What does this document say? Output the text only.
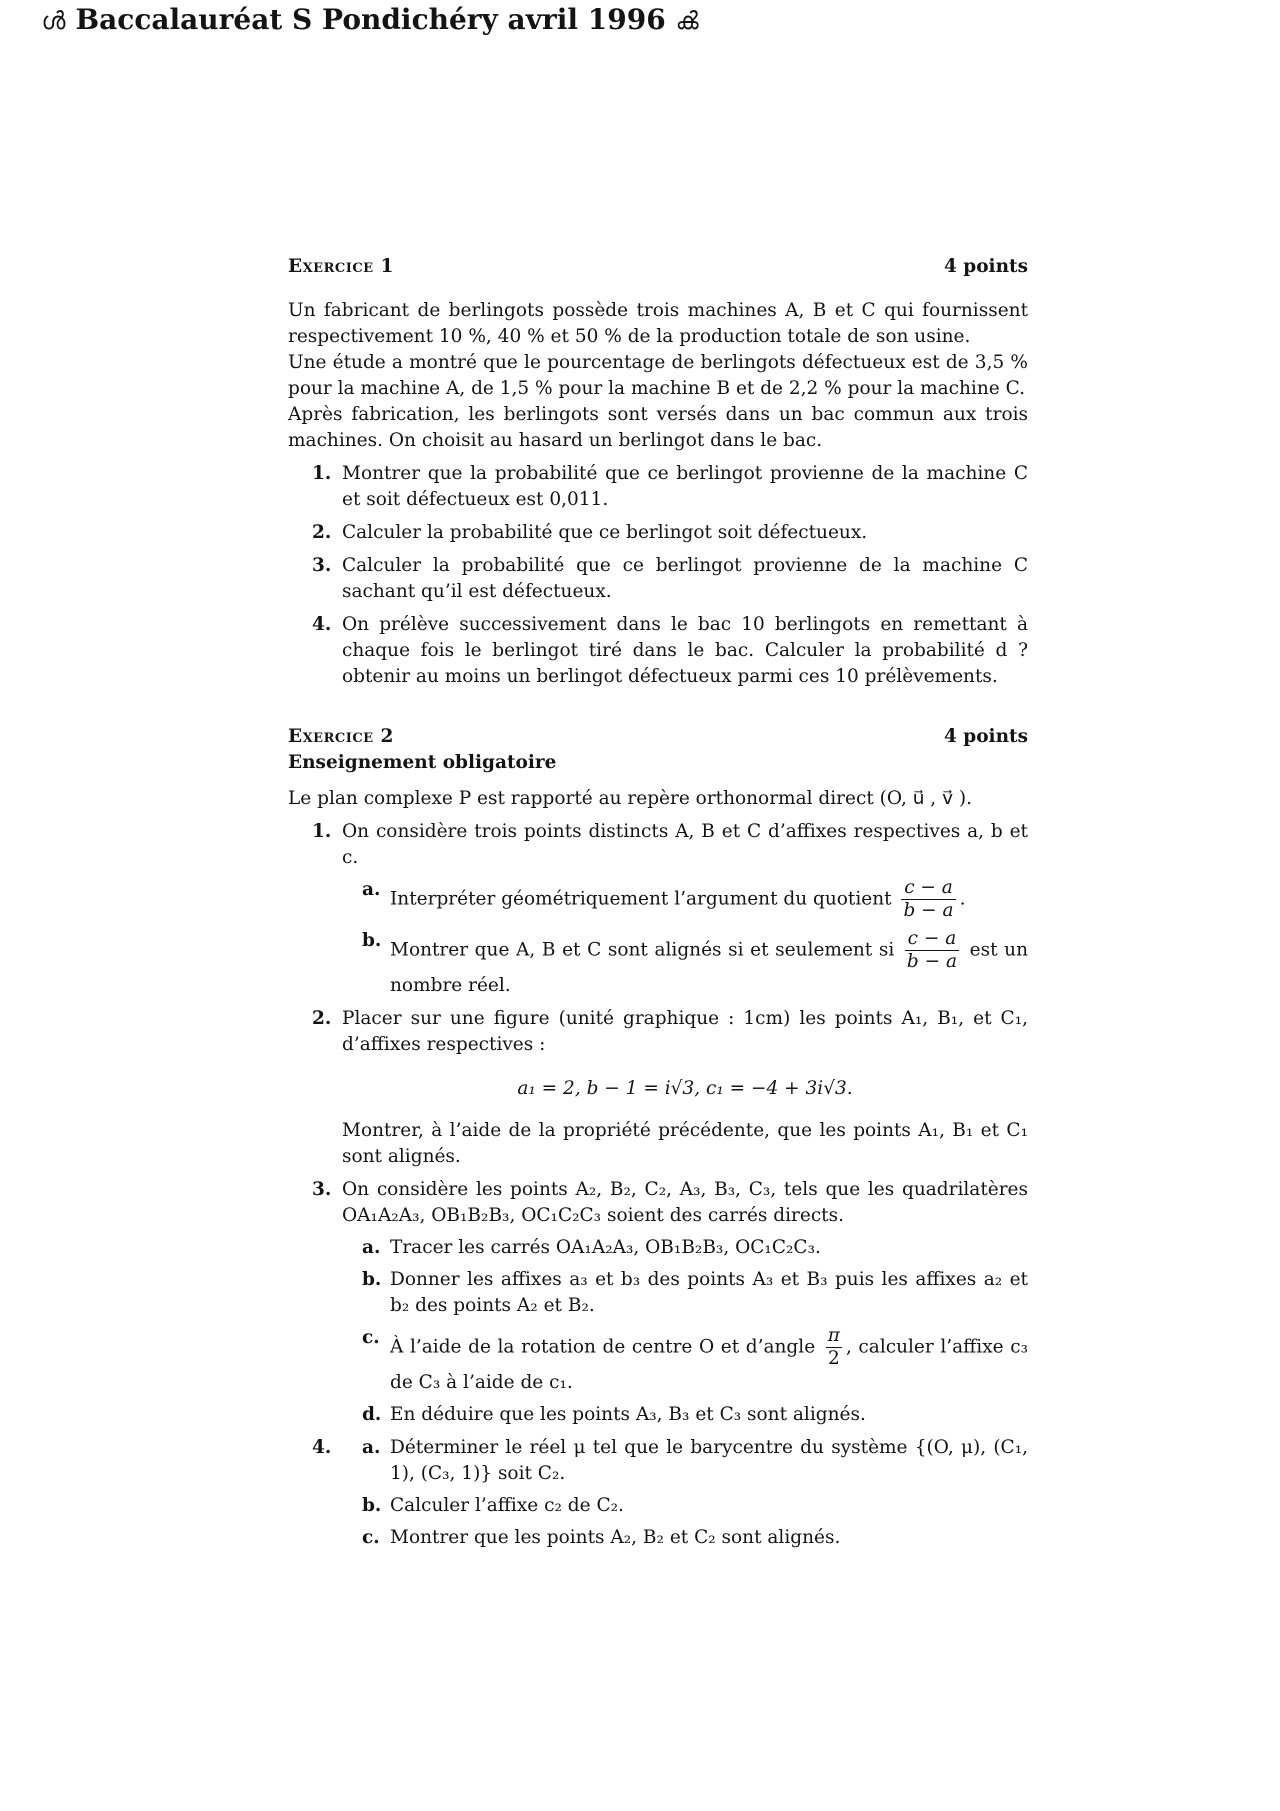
ൾ Baccalauréat S Pondichéry avril 1996 ൿ
Exercice 1	4 points

Un fabricant de berlingots possède trois machines A, B et C qui fournissent respectivement 10 %, 40 % et 50 % de la production totale de son usine.

Une étude a montré que le pourcentage de berlingots défectueux est de 3,5 % pour la machine A, de 1,5 % pour la machine B et de 2,2 % pour la machine C.

Après fabrication, les berlingots sont versés dans un bac commun aux trois machines. On choisit au hasard un berlingot dans le bac.

1. Montrer que la probabilité que ce berlingot provienne de la machine C et soit défectueux est 0,011.
2. Calculer la probabilité que ce berlingot soit défectueux.
3. Calculer la probabilité que ce berlingot provienne de la machine C sachant qu’il est défectueux.
4. On prélève successivement dans le bac 10 berlingots en remettant à chaque fois le berlingot tiré dans le bac. Calculer la probabilité d ?obtenir au moins un berlingot défectueux parmi ces 10 prélèvements.
Exercice 2	4 points
Enseignement obligatoire

Le plan complexe P est rapporté au repère orthonormal direct (O, u⃗ , v⃗ ).

1. On considère trois points distincts A, B et C d’affixes respectives a, b et c.
a. Interpréter géométriquement l’argument du quotient $\frac{c - a}{b - a}$ .
b. Montrer que A, B et C sont alignés si et seulement si $\frac{c - a}{b - a}$ est un nombre réel.
2. Placer sur une figure (unité graphique : 1cm) les points A₁, B₁, et C₁, d’affixes respectives :
a₁ = 2, b − 1 = i√3, c₁ = −4 + 3i√3.

Montrer, à l’aide de la propriété précédente, que les points A₁, B₁ et C₁ sont alignés.

3. On considère les points A₂, B₂, C₂, A₃, B₃, C₃, tels que les quadrilatères OA₁A₂A₃, OB₁B₂B₃, OC₁C₂C₃ soient des carrés directs.
a. Tracer les carrés OA₁A₂A₃, OB₁B₂B₃, OC₁C₂C₃.
b. Donner les affixes a₃ et b₃ des points A₃ et B₃ puis les affixes a₂ et b₂ des points A₂ et B₂.
c. À l’aide de la rotation de centre O et d’angle $\frac{\pi}{2}$ , calculer l’affixe c₃ de C₃ à l’aide de c₁.
d. En déduire que les points A₃, B₃ et C₃ sont alignés.
4. a. Déterminer le réel μ tel que le barycentre du système {(O, μ), (C₁, 1), (C₃, 1)} soit C₂.
b. Calculer l’affixe c₂ de C₂.
c. Montrer que les points A₂, B₂ et C₂ sont alignés.
